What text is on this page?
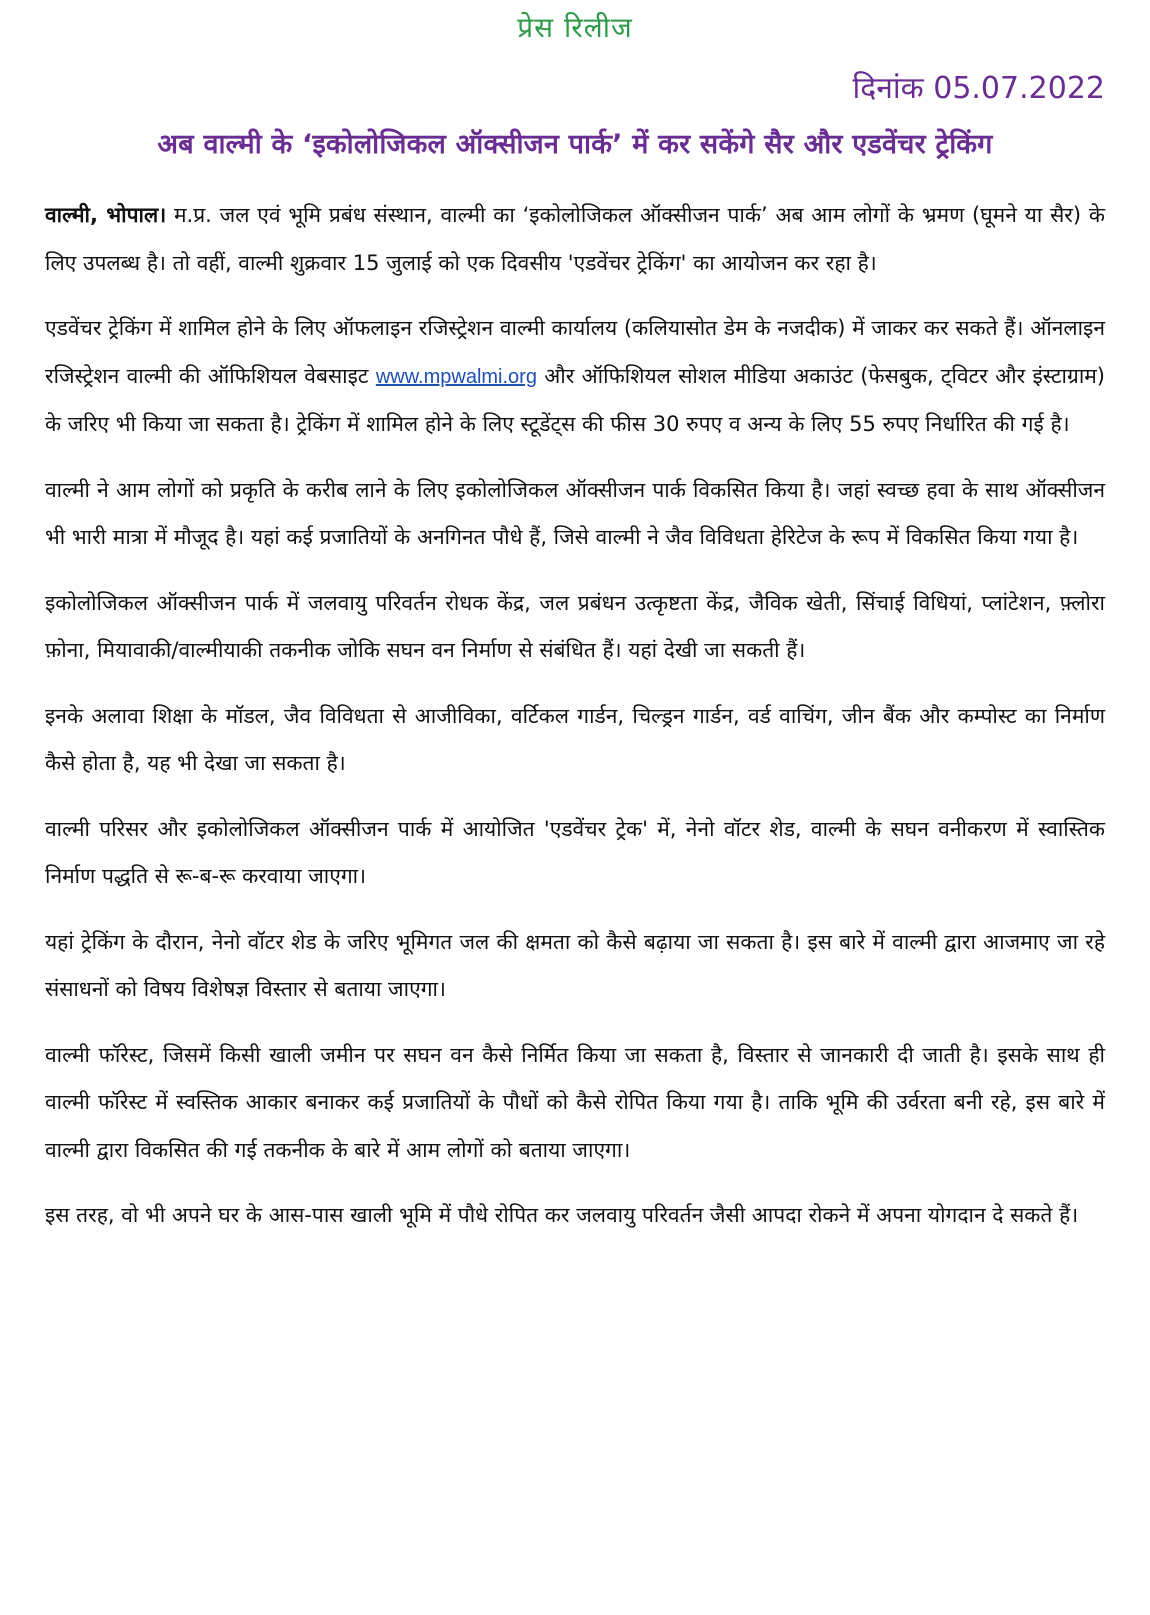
प्रेस रिलीज
दिनांक 05.07.2022
अब वाल्मी के ‘इकोलोजिकल ऑक्सीजन पार्क’ में कर सकेंगे सैर और एडवेंचर ट्रेकिंग

वाल्मी, भोपाल। म.प्र. जल एवं भूमि प्रबंध संस्थान, वाल्मी का ‘इकोलोजिकल ऑक्सीजन पार्क’ अब आम लोगों के भ्रमण (घूमने या सैर) के लिए उपलब्ध है। तो वहीं, वाल्मी शुक्रवार 15 जुलाई को एक दिवसीय 'एडवेंचर ट्रेकिंग' का आयोजन कर रहा है।

एडवेंचर ट्रेकिंग में शामिल होने के लिए ऑफलाइन रजिस्ट्रेशन वाल्मी कार्यालय (कलियासोत डेम के नजदीक) में जाकर कर सकते हैं। ऑनलाइन रजिस्ट्रेशन वाल्मी की ऑफिशियल वेबसाइट www.mpwalmi.org और ऑफिशियल सोशल मीडिया अकाउंट (फेसबुक, ट्विटर और इंस्टाग्राम) के जरिए भी किया जा सकता है। ट्रेकिंग में शामिल होने के लिए स्टूडेंट्स की फीस 30 रुपए व अन्य के लिए 55 रुपए निर्धारित की गई है।

वाल्मी ने आम लोगों को प्रकृति के करीब लाने के लिए इकोलोजिकल ऑक्सीजन पार्क विकसित किया है। जहां स्वच्छ हवा के साथ ऑक्सीजन भी भारी मात्रा में मौजूद है। यहां कई प्रजातियों के अनगिनत पौधे हैं, जिसे वाल्मी ने जैव विविधता हेरिटेज के रूप में विकसित किया गया है।

इकोलोजिकल ऑक्सीजन पार्क में जलवायु परिवर्तन रोधक केंद्र, जल प्रबंधन उत्कृष्टता केंद्र, जैविक खेती, सिंचाई विधियां, प्लांटेशन, फ़्लोरा फ़ोना, मियावाकी/वाल्मीयाकी तकनीक जोकि सघन वन निर्माण से संबंधित हैं। यहां देखी जा सकती हैं।

इनके अलावा शिक्षा के मॉडल, जैव विविधता से आजीविका, वर्टिकल गार्डन, चिल्ड्रन गार्डन, वर्ड वाचिंग, जीन बैंक और कम्पोस्ट का निर्माण कैसे होता है, यह भी देखा जा सकता है।

वाल्मी परिसर और इकोलोजिकल ऑक्सीजन पार्क में आयोजित 'एडवेंचर ट्रेक' में, नेनो वॉटर शेड, वाल्मी के सघन वनीकरण में स्वास्तिक निर्माण पद्धति से रू-ब-रू करवाया जाएगा।

यहां ट्रेकिंग के दौरान, नेनो वॉटर शेड के जरिए भूमिगत जल की क्षमता को कैसे बढ़ाया जा सकता है। इस बारे में वाल्मी द्वारा आजमाए जा रहे संसाधनों को विषय विशेषज्ञ विस्तार से बताया जाएगा।

वाल्मी फॉरेस्ट, जिसमें किसी खाली जमीन पर सघन वन कैसे निर्मित किया जा सकता है, विस्तार से जानकारी दी जाती है। इसके साथ ही वाल्मी फॉरेस्ट में स्वस्तिक आकार बनाकर कई प्रजातियों के पौधों को कैसे रोपित किया गया है। ताकि भूमि की उर्वरता बनी रहे, इस बारे में वाल्मी द्वारा विकसित की गई तकनीक के बारे में आम लोगों को बताया जाएगा।

इस तरह, वो भी अपने घर के आस-पास खाली भूमि में पौधे रोपित कर जलवायु परिवर्तन जैसी आपदा रोकने में अपना योगदान दे सकते हैं।
